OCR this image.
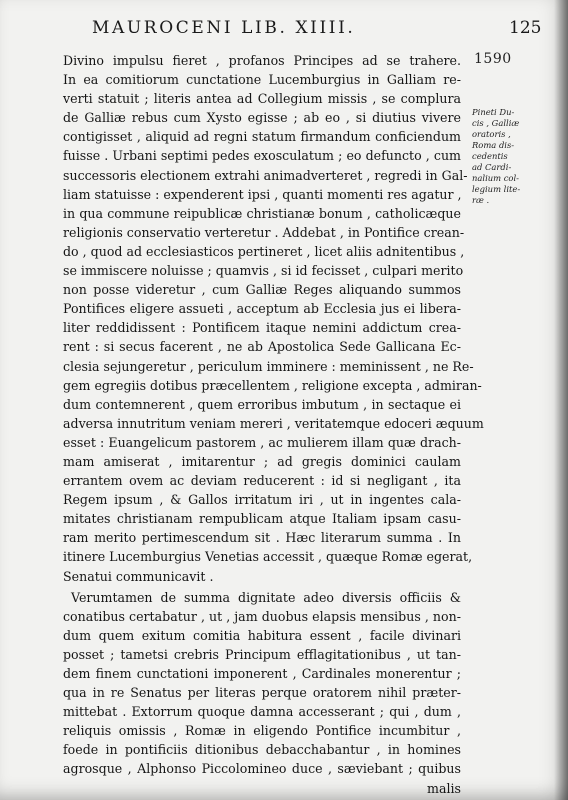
MAUROCENI LIB. XIIII.	125
1590
Pineti Du-
cis , Galliæ
oratoris ,
Roma dis-
cedentis
ad Cardi-
nalium col-
legium lite-
ræ .
Divino impulsu fieret , profanos Principes ad se trahere.
In ea comitiorum cunctatione Lucemburgius in Galliam re-
verti statuit ; literis antea ad Collegium missis , se complura
de Galliæ rebus cum Xysto egisse ; ab eo , si diutius vivere
contigisset , aliquid ad regni statum firmandum conficiendum
fuisse . Urbani septimi pedes exosculatum ; eo defuncto , cum
successoris electionem extrahi animadverteret , regredi in Gal-
liam statuisse : expenderent ipsi , quanti momenti res agatur ,
in qua commune reipublicæ christianæ bonum , catholicæque
religionis conservatio verteretur . Addebat , in Pontifice crean-
do , quod ad ecclesiasticos pertineret , licet aliis adnitentibus ,
se immiscere noluisse ; quamvis , si id fecisset , culpari merito
non posse videretur , cum Galliæ Reges aliquando summos
Pontifices eligere assueti , acceptum ab Ecclesia jus ei libera-
liter reddidissent : Pontificem itaque nemini addictum crea-
rent : si secus facerent , ne ab Apostolica Sede Gallicana Ec-
clesia sejungeretur , periculum imminere : meminissent , ne Re-
gem egregiis dotibus præcellentem , religione excepta , admiran-
dum contemnerent , quem erroribus imbutum , in sectaque ei
adversa innutritum veniam mereri , veritatemque edoceri æquum
esset : Euangelicum pastorem , ac mulierem illam quæ drach-
mam amiserat , imitarentur ; ad gregis dominici caulam
errantem ovem ac deviam reducerent : id si negligant , ita
Regem ipsum , & Gallos irritatum iri , ut in ingentes cala-
mitates christianam rempublicam atque Italiam ipsam casu-
ram merito pertimescendum sit . Hæc literarum summa . In
itinere Lucemburgius Venetias accessit , quæque Romæ egerat,
Senatui communicavit .
Verumtamen de summa dignitate adeo diversis officiis &
conatibus certabatur , ut , jam duobus elapsis mensibus , non-
dum quem exitum comitia habitura essent , facile divinari
posset ; tametsi crebris Principum efflagitationibus , ut tan-
dem finem cunctationi imponerent , Cardinales monerentur ;
qua in re Senatus per literas perque oratorem nihil præter-
mittebat . Extorrum quoque damna accesserant ; qui , dum ,
reliquis omissis , Romæ in eligendo Pontifice incumbitur ,
foede in pontificiis ditionibus debacchabantur , in homines
agrosque , Alphonso Piccolomineo duce , sæviebant ; quibus
malis
